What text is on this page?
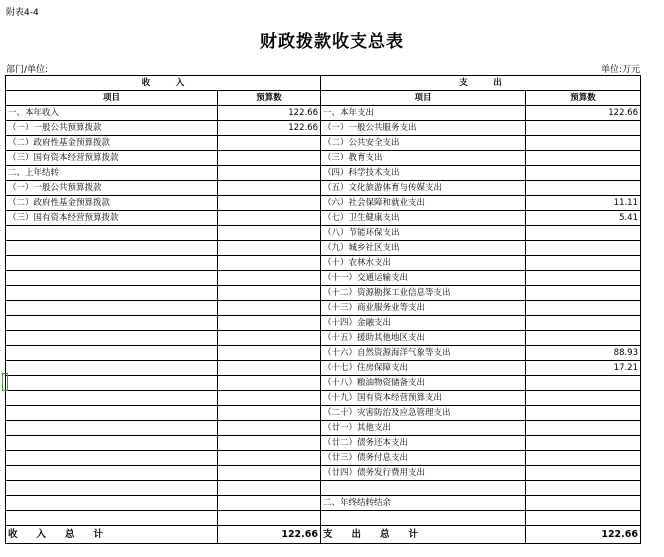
附表4-4
财政拨款收支总表
部门/单位:	单位:万元
收　　　入		支　　　出	
项目	预算数	项目	预算数
一、本年收入	122.66	一、本年支出	122.66
（一）一般公共预算拨款	122.66	（一）一般公共服务支出	
（二）政府性基金预算拨款		（二）公共安全支出	
（三）国有资本经营预算拨款		（三）教育支出	
二、上年结转		（四）科学技术支出	
（一）一般公共预算拨款		（五）文化旅游体育与传媒支出	
（二）政府性基金预算拨款		（六）社会保障和就业支出	11.11
（三）国有资本经营预算拨款		（七）卫生健康支出	5.41
		（八）节能环保支出	
		（九）城乡社区支出	
		（十）农林水支出	
		（十一）交通运输支出	
		（十二）资源勘探工业信息等支出	
		（十三）商业服务业等支出	
		（十四）金融支出	
		（十五）援助其他地区支出	
		（十六）自然资源海洋气象等支出	88.93
		（十七）住房保障支出	17.21
		（十八）粮油物资储备支出	
		（十九）国有资本经营预算支出	
		（二十）灾害防治及应急管理支出	
		（廿一）其他支出	
		（廿二）债务还本支出	
		（廿三）债务付息支出	
		（廿四）债务发行费用支出	

		二、年终结转结余	

收　　入　　总　　计	122.66	支　　出　　总　　计	122.66
